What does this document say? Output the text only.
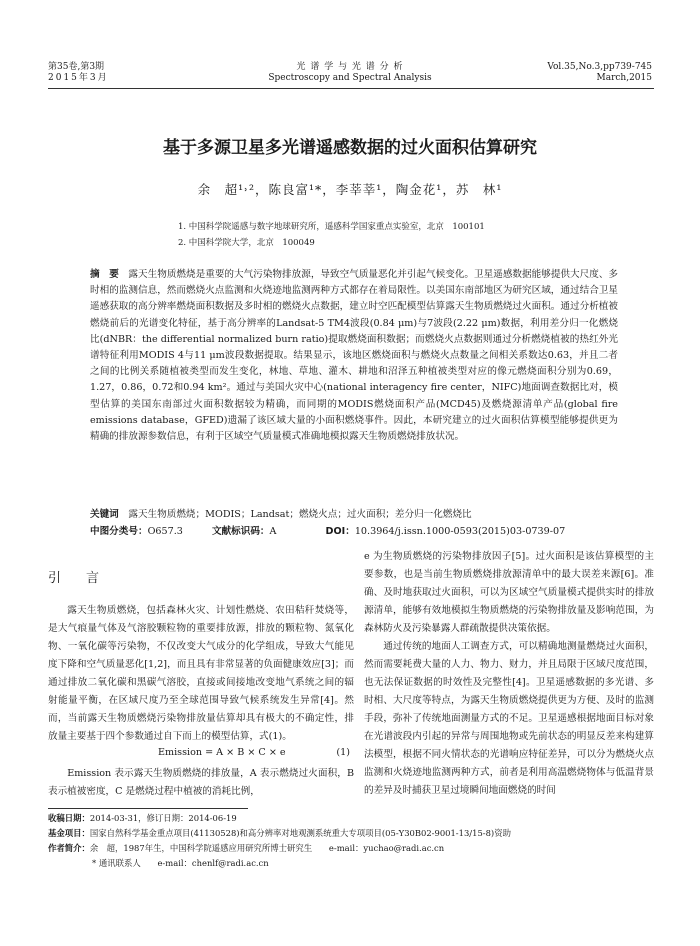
第35卷,第3期
2015年3月
光 谱 学 与 光 谱 分 析
Spectroscopy and Spectral Analysis
Vol.35,No.3,pp739-745
March,2015
基于多源卫星多光谱遥感数据的过火面积估算研究
余　超¹˒²，陈良富¹*，李莘莘¹，陶金花¹，苏　林¹
1. 中国科学院遥感与数字地球研究所，遥感科学国家重点实验室，北京　100101
2. 中国科学院大学，北京　100049
摘　要　 露天生物质燃烧是重要的大气污染物排放源，导致空气质量恶化并引起气候变化。卫星遥感数据能够提供大尺度、多时相的监测信息，然而燃烧火点监测和火烧迹地监测两种方式都存在着局限性。以美国东南部地区为研究区域，通过结合卫星遥感获取的高分辨率燃烧面积数据及多时相的燃烧火点数据，建立时空匹配模型估算露天生物质燃烧过火面积。通过分析植被燃烧前后的光谱变化特征，基于高分辨率的Landsat-5 TM4波段(0.84 μm)与7波段(2.22 μm)数据，利用差分归一化燃烧比(dNBR：the differential normalized burn ratio)提取燃烧面积数据；而燃烧火点数据则通过分析燃烧植被的热红外光谱特征利用MODIS 4与11 μm波段数据提取。结果显示，该地区燃烧面积与燃烧火点数量之间相关系数达0.63，并且二者之间的比例关系随植被类型而发生变化，林地、草地、灌木、耕地和沼泽五种植被类型对应的像元燃烧面积分别为0.69，1.27，0.86，0.72和0.94 km²。通过与美国火灾中心(national interagency fire center，NIFC)地面调查数据比对，模型估算的美国东南部过火面积数据较为精确，而同期的MODIS燃烧面积产品(MCD45)及燃烧源清单产品(global fire emissions database，GFED)遗漏了该区域大量的小面积燃烧事件。因此，本研究建立的过火面积估算模型能够提供更为精确的排放源参数信息，有利于区域空气质量模式准确地模拟露天生物质燃烧排放状况。
关键词　 露天生物质燃烧；MODIS；Landsat；燃烧火点；过火面积；差分归一化燃烧比
中图分类号：O657.3	文献标识码：A	DOI：10.3964/j.issn.1000-0593(2015)03-0739-07
引　言

露天生物质燃烧，包括森林火灾、计划性燃烧、农田秸秆焚烧等，是大气痕量气体及气溶胶颗粒物的重要排放源，排放的颗粒物、氮氧化物、一氧化碳等污染物，不仅改变大气成分的化学组成，导致大气能见度下降和空气质量恶化[1,2]，而且具有非常显著的负面健康效应[3]；而通过排放二氧化碳和黑碳气溶胶，直接或间接地改变地气系统之间的辐射能量平衡，在区域尺度乃至全球范围导致气候系统发生异常[4]。然而，当前露天生物质燃烧污染物排放量估算却具有极大的不确定性，排放量主要基于四个参数通过自下而上的模型估算，式(1)。

Emission = A × B × C × e	(1)

Emission 表示露天生物质燃烧的排放量，A 表示燃烧过火面积，B 表示植被密度，C 是燃烧过程中植被的消耗比例，

e 为生物质燃烧的污染物排放因子[5]。过火面积是该估算模型的主要参数，也是当前生物质燃烧排放源清单中的最大误差来源[6]。准确、及时地获取过火面积，可以为区域空气质量模式提供实时的排放源清单，能够有效地模拟生物质燃烧的污染物排放量及影响范围，为森林防火及污染暴露人群疏散提供决策依据。

通过传统的地面人工调查方式，可以精确地测量燃烧过火面积，然而需要耗费大量的人力、物力、财力，并且局限于区域尺度范围，也无法保证数据的时效性及完整性[4]。卫星遥感数据的多光谱、多时相、大尺度等特点，为露天生物质燃烧提供更为方便、及时的监测手段，弥补了传统地面测量方式的不足。卫星遥感根据地面目标对象在光谱波段内引起的异常与周围地物或先前状态的明显反差来构建算法模型，根据不同火情状态的光谱响应特征差异，可以分为燃烧火点监测和火烧迹地监测两种方式，前者是利用高温燃烧物体与低温背景的差异及时捕获卫星过境瞬间地面燃烧的时间

收稿日期：2014-03-31，修订日期：2014-06-19
基金项目：国家自然科学基金重点项目(41130528)和高分辨率对地观测系统重大专项项目(05-Y30B02-9001-13/15-8)资助
作者简介：余　超，1987年生，中国科学院遥感应用研究所博士研究生　　e-mail：yuchao@radi.ac.cn
* 通讯联系人　　e-mail：chenlf@radi.ac.cn
